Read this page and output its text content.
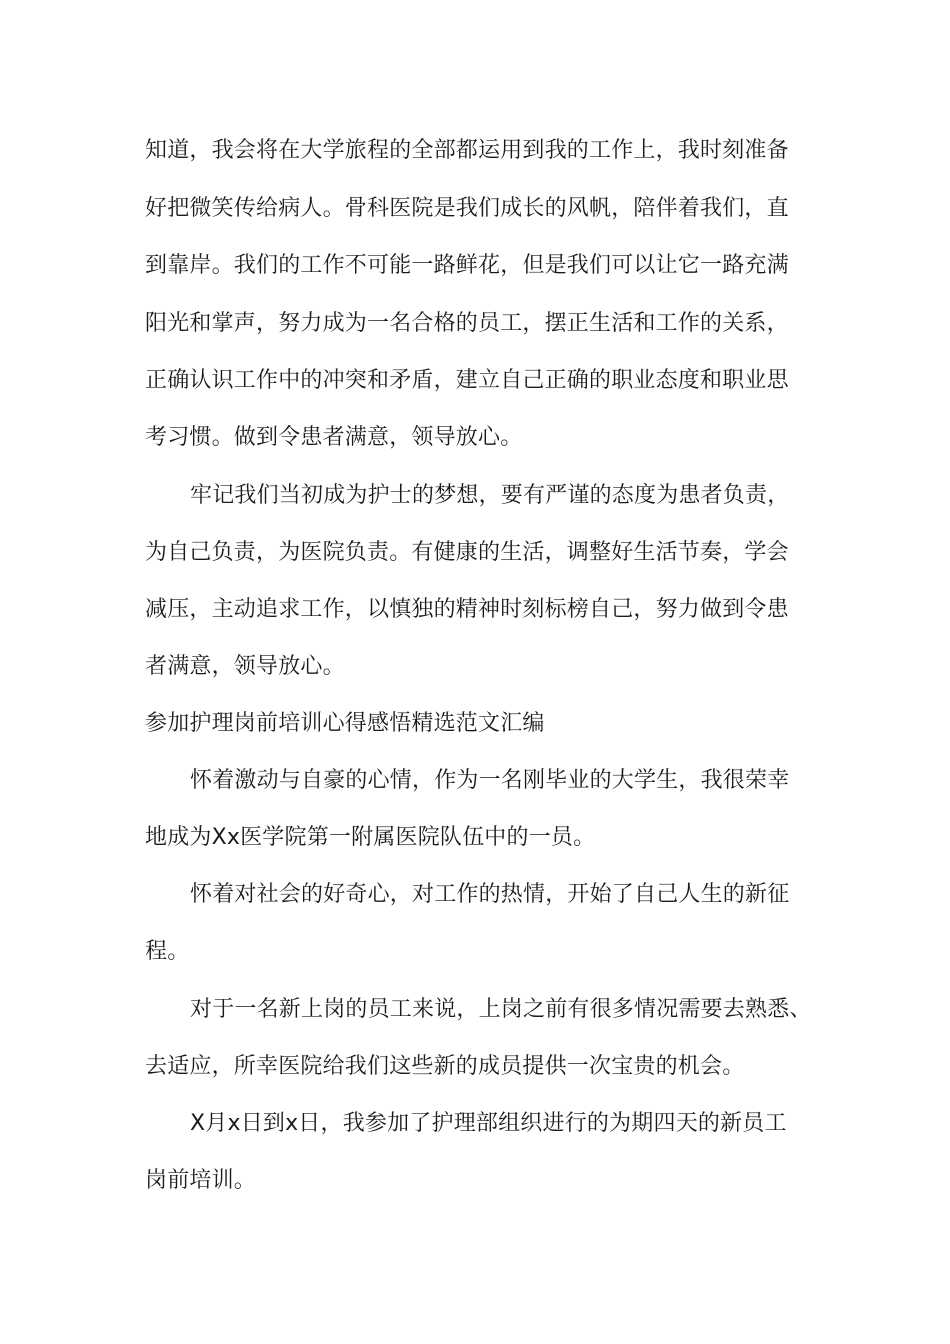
知道，我会将在大学旅程的全部都运用到我的工作上，我时刻准备
好把微笑传给病人。骨科医院是我们成长的风帆，陪伴着我们，直
到靠岸。我们的工作不可能一路鲜花，但是我们可以让它一路充满
阳光和掌声，努力成为一名合格的员工，摆正生活和工作的关系，
正确认识工作中的冲突和矛盾，建立自己正确的职业态度和职业思
考习惯。做到令患者满意，领导放心。
牢记我们当初成为护士的梦想，要有严谨的态度为患者负责，
为自己负责，为医院负责。有健康的生活，调整好生活节奏，学会
减压，主动追求工作，以慎独的精神时刻标榜自己，努力做到令患
者满意，领导放心。
参加护理岗前培训心得感悟精选范文汇编
怀着激动与自豪的心情，作为一名刚毕业的大学生，我很荣幸
地成为Xx医学院第一附属医院队伍中的一员。
怀着对社会的好奇心，对工作的热情，开始了自己人生的新征
程。
对于一名新上岗的员工来说，上岗之前有很多情况需要去熟悉、
去适应，所幸医院给我们这些新的成员提供一次宝贵的机会。
X月x日到x日，我参加了护理部组织进行的为期四天的新员工
岗前培训。
